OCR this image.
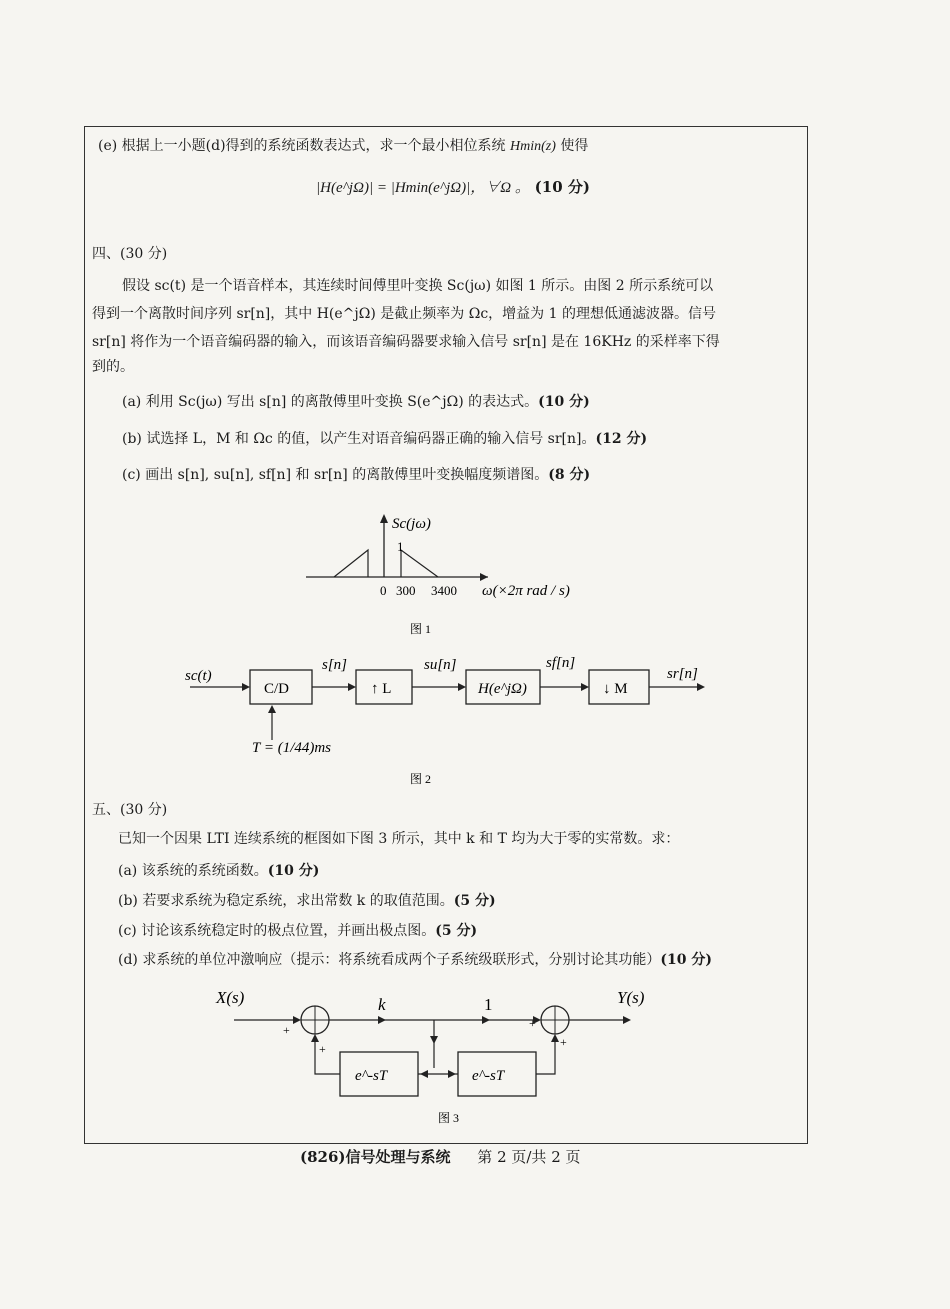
(e) 根据上一小题(d)得到的系统函数表达式，求一个最小相位系统 Hmin(z) 使得
|H(e^jΩ)| = |Hmin(e^jΩ)|，∀Ω 。 (10 分)
四、(30 分)
假设 sc(t) 是一个语音样本，其连续时间傅里叶变换 Sc(jω) 如图 1 所示。由图 2 所示系统可以
得到一个离散时间序列 sr[n]，其中 H(e^jΩ) 是截止频率为 Ωc，增益为 1 的理想低通滤波器。信号
sr[n] 将作为一个语音编码器的输入，而该语音编码器要求输入信号 sr[n] 是在 16KHz 的采样率下得
到的。
(a) 利用 Sc(jω) 写出 s[n] 的离散傅里叶变换 S(e^jΩ) 的表达式。(10 分)
(b) 试选择 L，M 和 Ωc 的值，以产生对语音编码器正确的输入信号 sr[n]。(12 分)
(c) 画出 s[n], su[n], sf[n] 和 sr[n] 的离散傅里叶变换幅度频谱图。(8 分)
Sc(jω)
1
0 300 3400 ω(×2π rad / s)
图 1
sc(t)
C/D
T = (1/44)ms
s[n]
↑ L
su[n]
H(e^jΩ)
sf[n]
↓ M
sr[n]
图 2
X(s)
+
+
k	1
e^-sT	e^-sT
+
+
Y(s)
图 3
五、(30 分)
已知一个因果 LTI 连续系统的框图如下图 3 所示，其中 k 和 T 均为大于零的实常数。求：
(a) 该系统的系统函数。(10 分)
(b) 若要求系统为稳定系统，求出常数 k 的取值范围。(5 分)
(c) 讨论该系统稳定时的极点位置，并画出极点图。(5 分)
(d) 求系统的单位冲激响应（提示：将系统看成两个子系统级联形式，分别讨论其功能）(10 分)
(826)信号处理与系统 第 2 页/共 2 页
